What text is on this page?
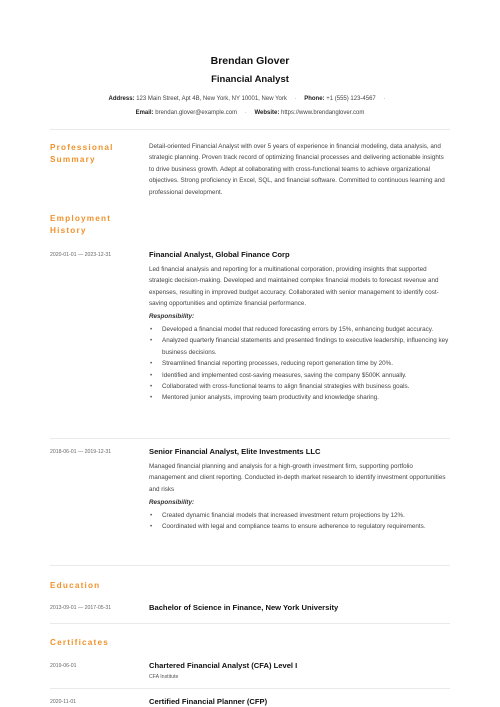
Brendan Glover
Financial Analyst
Address: 123 Main Street, Apt 4B, New York, NY 10001, New York · Phone: +1 (555) 123-4567 ·
Email: brendan.glover@example.com · Website: https://www.brendanglover.com
Professional Summary
Detail-oriented Financial Analyst with over 5 years of experience in financial modeling, data analysis, and strategic planning. Proven track record of optimizing financial processes and delivering actionable insights to drive business growth. Adept at collaborating with cross-functional teams to achieve organizational objectives. Strong proficiency in Excel, SQL, and financial software. Committed to continuous learning and professional development.
Employment History
2020-01-01 — 2023-12-31	Financial Analyst, Global Finance Corp
Led financial analysis and reporting for a multinational corporation, providing insights that supported strategic decision-making. Developed and maintained complex financial models to forecast revenue and expenses, resulting in improved budget accuracy. Collaborated with senior management to identify cost-saving opportunities and optimize financial performance.
Responsibility:
• Developed a financial model that reduced forecasting errors by 15%, enhancing budget accuracy.
• Analyzed quarterly financial statements and presented findings to executive leadership, influencing key business decisions.
• Streamlined financial reporting processes, reducing report generation time by 20%.
• Identified and implemented cost-saving measures, saving the company $500K annually.
• Collaborated with cross-functional teams to align financial strategies with business goals.
• Mentored junior analysts, improving team productivity and knowledge sharing.
2018-06-01 — 2019-12-31	Senior Financial Analyst, Elite Investments LLC
Managed financial planning and analysis for a high-growth investment firm, supporting portfolio management and client reporting. Conducted in-depth market research to identify investment opportunities and risks
Responsibility:
• Created dynamic financial models that increased investment return projections by 12%.
• Coordinated with legal and compliance teams to ensure adherence to regulatory requirements.
Education
2013-09-01 — 2017-05-31	Bachelor of Science in Finance, New York University
Certificates
2019-06-01	Chartered Financial Analyst (CFA) Level I
CFA Institute
2020-11-01	Certified Financial Planner (CFP)
